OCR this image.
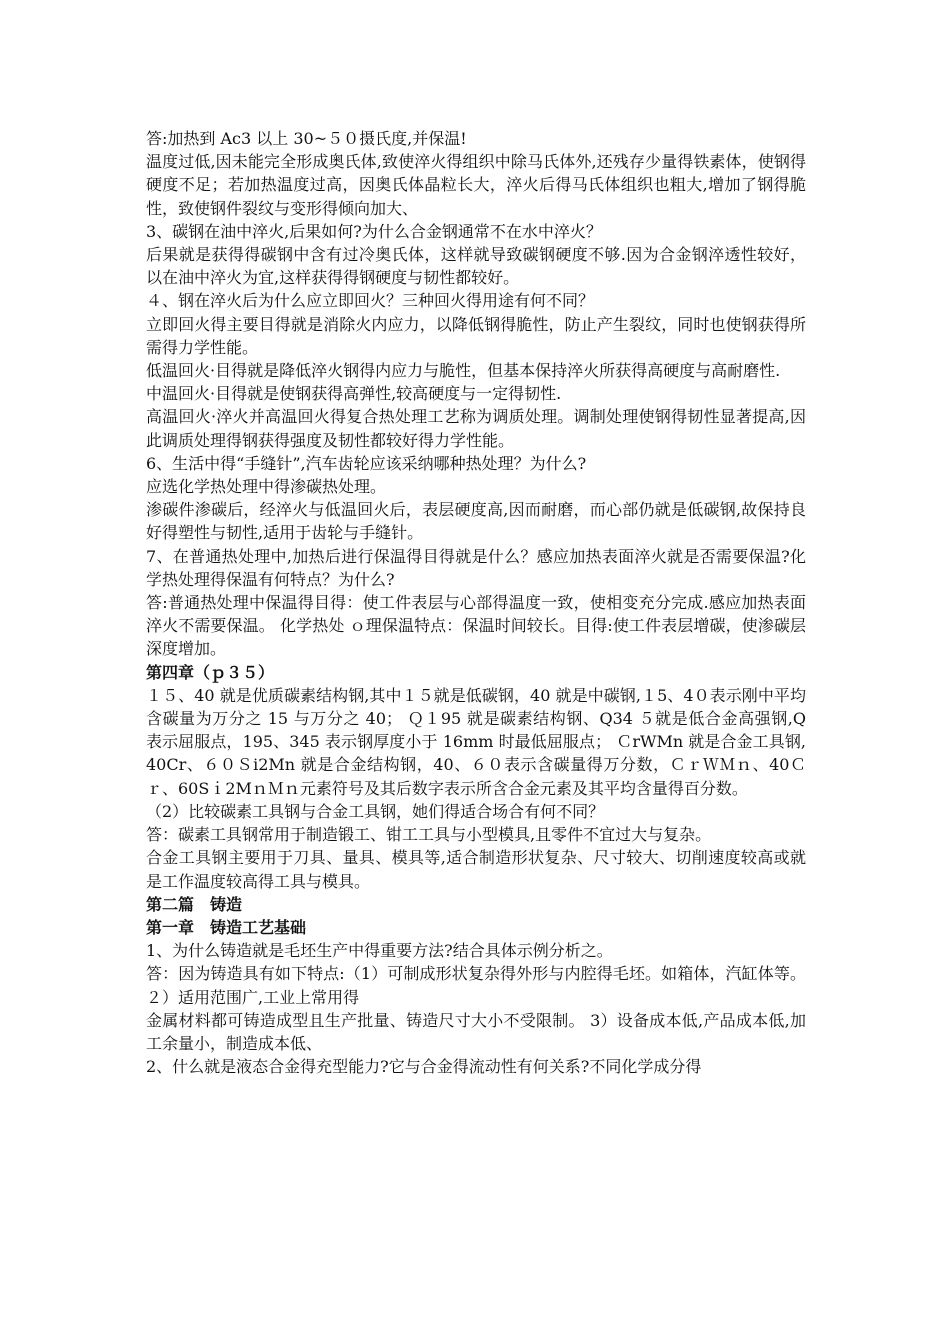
答:加热到 Ac3 以上 30~５０摄氏度,并保温!

温度过低,因未能完全形成奥氏体,致使淬火得组织中除马氏体外,还残存少量得铁素体，使钢得硬度不足；若加热温度过高，因奥氏体晶粒长大，淬火后得马氏体组织也粗大,增加了钢得脆性，致使钢件裂纹与变形得倾向加大、

3、碳钢在油中淬火,后果如何?为什么合金钢通常不在水中淬火？

后果就是获得得碳钢中含有过冷奥氏体，这样就导致碳钢硬度不够.因为合金钢淬透性较好，以在油中淬火为宜,这样获得得钢硬度与韧性都较好。

４、钢在淬火后为什么应立即回火？三种回火得用途有何不同？

立即回火得主要目得就是消除火内应力，以降低钢得脆性，防止产生裂纹，同时也使钢获得所需得力学性能。

低温回火·目得就是降低淬火钢得内应力与脆性，但基本保持淬火所获得高硬度与高耐磨性.

中温回火·目得就是使钢获得高弹性,较高硬度与一定得韧性.

高温回火·淬火并高温回火得复合热处理工艺称为调质处理。调制处理使钢得韧性显著提高,因此调质处理得钢获得强度及韧性都较好得力学性能。

6、生活中得“手缝针”,汽车齿轮应该采纳哪种热处理？为什么?

应选化学热处理中得渗碳热处理。

渗碳件渗碳后，经淬火与低温回火后，表层硬度高,因而耐磨，而心部仍就是低碳钢,故保持良好得塑性与韧性,适用于齿轮与手缝针。

7、在普通热处理中,加热后进行保温得目得就是什么？感应加热表面淬火就是否需要保温?化学热处理得保温有何特点？为什么?

答:普通热处理中保温得目得：使工件表层与心部得温度一致，使相变充分完成.感应加热表面淬火不需要保温。 化学热处 ｏ理保温特点：保温时间较长。目得:使工件表层增碳，使渗碳层深度增加。

第四章（ｐ３５）

１５、40 就是优质碳素结构钢,其中１５就是低碳钢，40 就是中碳钢,１5、4０表示刚中平均含碳量为万分之 15 与万分之 40； Ｑ１95 就是碳素结构钢、Q34 ５就是低合金高强钢,Q 表示屈服点，195、345 表示钢厚度小于 16mm 时最低屈服点； ＣrWMn 就是合金工具钢,40Cr、６０Ｓi2Mn 就是合金结构钢，40、６０表示含碳量得万分数，ＣｒＷＭｎ、40Ｃｒ、60Sｉ2MｎＭｎ元素符号及其后数字表示所含合金元素及其平均含量得百分数。

（2）比较碳素工具钢与合金工具钢，她们得适合场合有何不同？

答：碳素工具钢常用于制造锻工、钳工工具与小型模具,且零件不宜过大与复杂。

合金工具钢主要用于刀具、量具、模具等,适合制造形状复杂、尺寸较大、切削速度较高或就是工作温度较高得工具与模具。

第二篇　铸造

第一章　铸造工艺基础

1、为什么铸造就是毛坯生产中得重要方法?结合具体示例分析之。

答：因为铸造具有如下特点:（1）可制成形状复杂得外形与内腔得毛坯。如箱体，汽缸体等。 ２）适用范围广,工业上常用得

金属材料都可铸造成型且生产批量、铸造尺寸大小不受限制。 3）设备成本低,产品成本低,加工余量小，制造成本低、

2、什么就是液态合金得充型能力?它与合金得流动性有何关系?不同化学成分得
